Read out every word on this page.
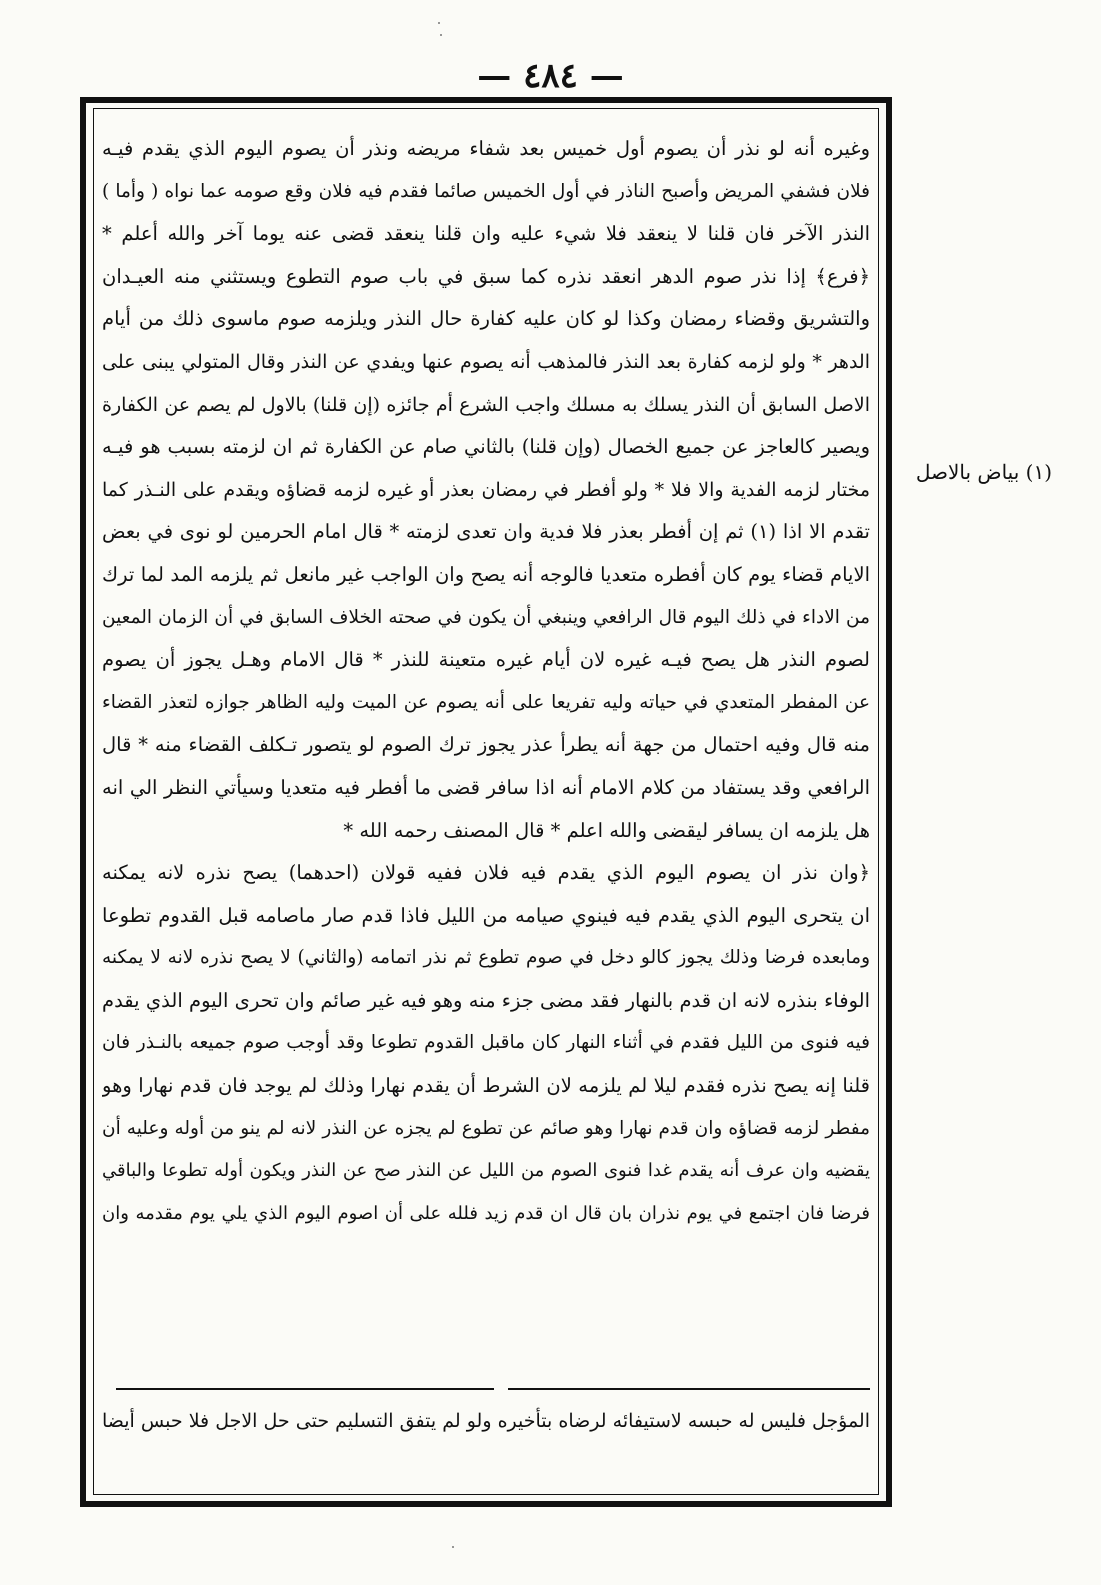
— ٤٨٤ —
وغيره أنه لو نذر أن يصوم أول خميس بعد شفاء مريضه ونذر أن يصوم اليوم الذي يقدم فيـه
فلان فشفي المريض وأصبح الناذر في أول الخميس صائما فقدم فيه فلان وقع صومه عما نواه ( وأما )
النذر الآخر فان قلنا لا ينعقد فلا شيء عليه وان قلنا ينعقد قضى عنه يوما آخر والله أعلم *
﴿فرع﴾ إذا نذر صوم الدهر انعقد نذره كما سبق في باب صوم التطوع ويستثني منه العيـدان
والتشريق وقضاء رمضان وكذا لو كان عليه كفارة حال النذر ويلزمه صوم ماسوى ذلك من أيام
الدهر * ولو لزمه كفارة بعد النذر فالمذهب أنه يصوم عنها ويفدي عن النذر وقال المتولي يبنى على
الاصل السابق أن النذر يسلك به مسلك واجب الشرع أم جائزه (إن قلنا) بالاول لم يصم عن الكفارة
ويصير كالعاجز عن جميع الخصال (وإن قلنا) بالثاني صام عن الكفارة ثم ان لزمته بسبب هو فيـه
مختار لزمه الفدية والا فلا * ولو أفطر في رمضان بعذر أو غيره لزمه قضاؤه ويقدم على النـذر كما
تقدم الا اذا (١) ثم إن أفطر بعذر فلا فدية وان تعدى لزمته * قال امام الحرمين لو نوى في بعض
الايام قضاء يوم كان أفطره متعديا فالوجه أنه يصح وان الواجب غير مانعل ثم يلزمه المد لما ترك
من الاداء في ذلك اليوم قال الرافعي وينبغي أن يكون في صحته الخلاف السابق في أن الزمان المعين
لصوم النذر هل يصح فيـه غيره لان أيام غيره متعينة للنذر * قال الامام وهـل يجوز أن يصوم
عن المفطر المتعدي في حياته وليه تفريعا على أنه يصوم عن الميت وليه الظاهر جوازه لتعذر القضاء
منه قال وفيه احتمال من جهة أنه يطرأ عذر يجوز ترك الصوم لو يتصور تـكلف القضاء منه * قال
الرافعي وقد يستفاد من كلام الامام أنه اذا سافر قضى ما أفطر فيه متعديا وسيأتي النظر الي انه
هل يلزمه ان يسافر ليقضى والله اعلم * قال المصنف رحمه الله *
﴿وان نذر ان يصوم اليوم الذي يقدم فيه فلان ففيه قولان (احدهما) يصح نذره لانه يمكنه
ان يتحرى اليوم الذي يقدم فيه فينوي صيامه من الليل فاذا قدم صار ماصامه قبل القدوم تطوعا
ومابعده فرضا وذلك يجوز كالو دخل في صوم تطوع ثم نذر اتمامه (والثاني) لا يصح نذره لانه لا يمكنه
الوفاء بنذره لانه ان قدم بالنهار فقد مضى جزء منه وهو فيه غير صائم وان تحرى اليوم الذي يقدم
فيه فنوى من الليل فقدم في أثناء النهار كان ماقبل القدوم تطوعا وقد أوجب صوم جميعه بالنـذر فان
قلنا إنه يصح نذره فقدم ليلا لم يلزمه لان الشرط أن يقدم نهارا وذلك لم يوجد فان قدم نهارا وهو
مفطر لزمه قضاؤه وان قدم نهارا وهو صائم عن تطوع لم يجزه عن النذر لانه لم ينو من أوله وعليه أن
يقضيه وان عرف أنه يقدم غدا فنوى الصوم من الليل عن النذر صح عن النذر ويكون أوله تطوعا والباقي
فرضا فان اجتمع في يوم نذران بان قال ان قدم زيد فلله على أن اصوم اليوم الذي يلي يوم مقدمه وان
المؤجل فليس له حبسه لاستيفائه لرضاه بتأخيره ولو لم يتفق التسليم حتى حل الاجل فلا حبس أيضا
(١) بياض بالاصل
